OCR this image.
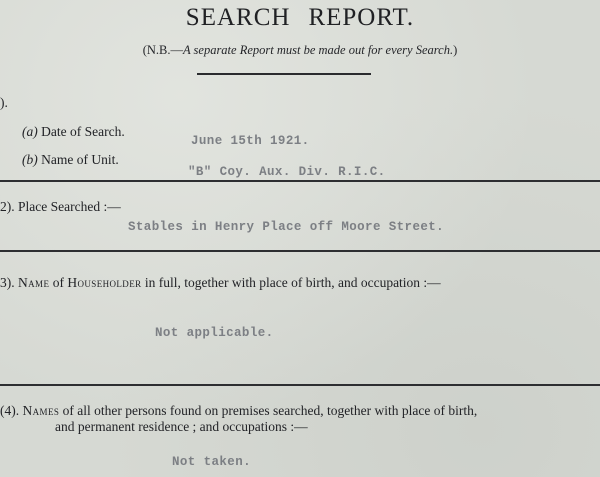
SEARCH REPORT.
(N.B.—A separate Report must be made out for every Search.)
).
(a) Date of Search.
June 15th 1921.
(b) Name of Unit.
"B" Coy. Aux. Div. R.I.C.
2). Place Searched :—
Stables in Henry Place off Moore Street.
3). Name of Householder in full, together with place of birth, and occupation :—
Not applicable.
(4). Names of all other persons found on premises searched, together with place of birth,
and permanent residence ; and occupations :—
Not taken.
